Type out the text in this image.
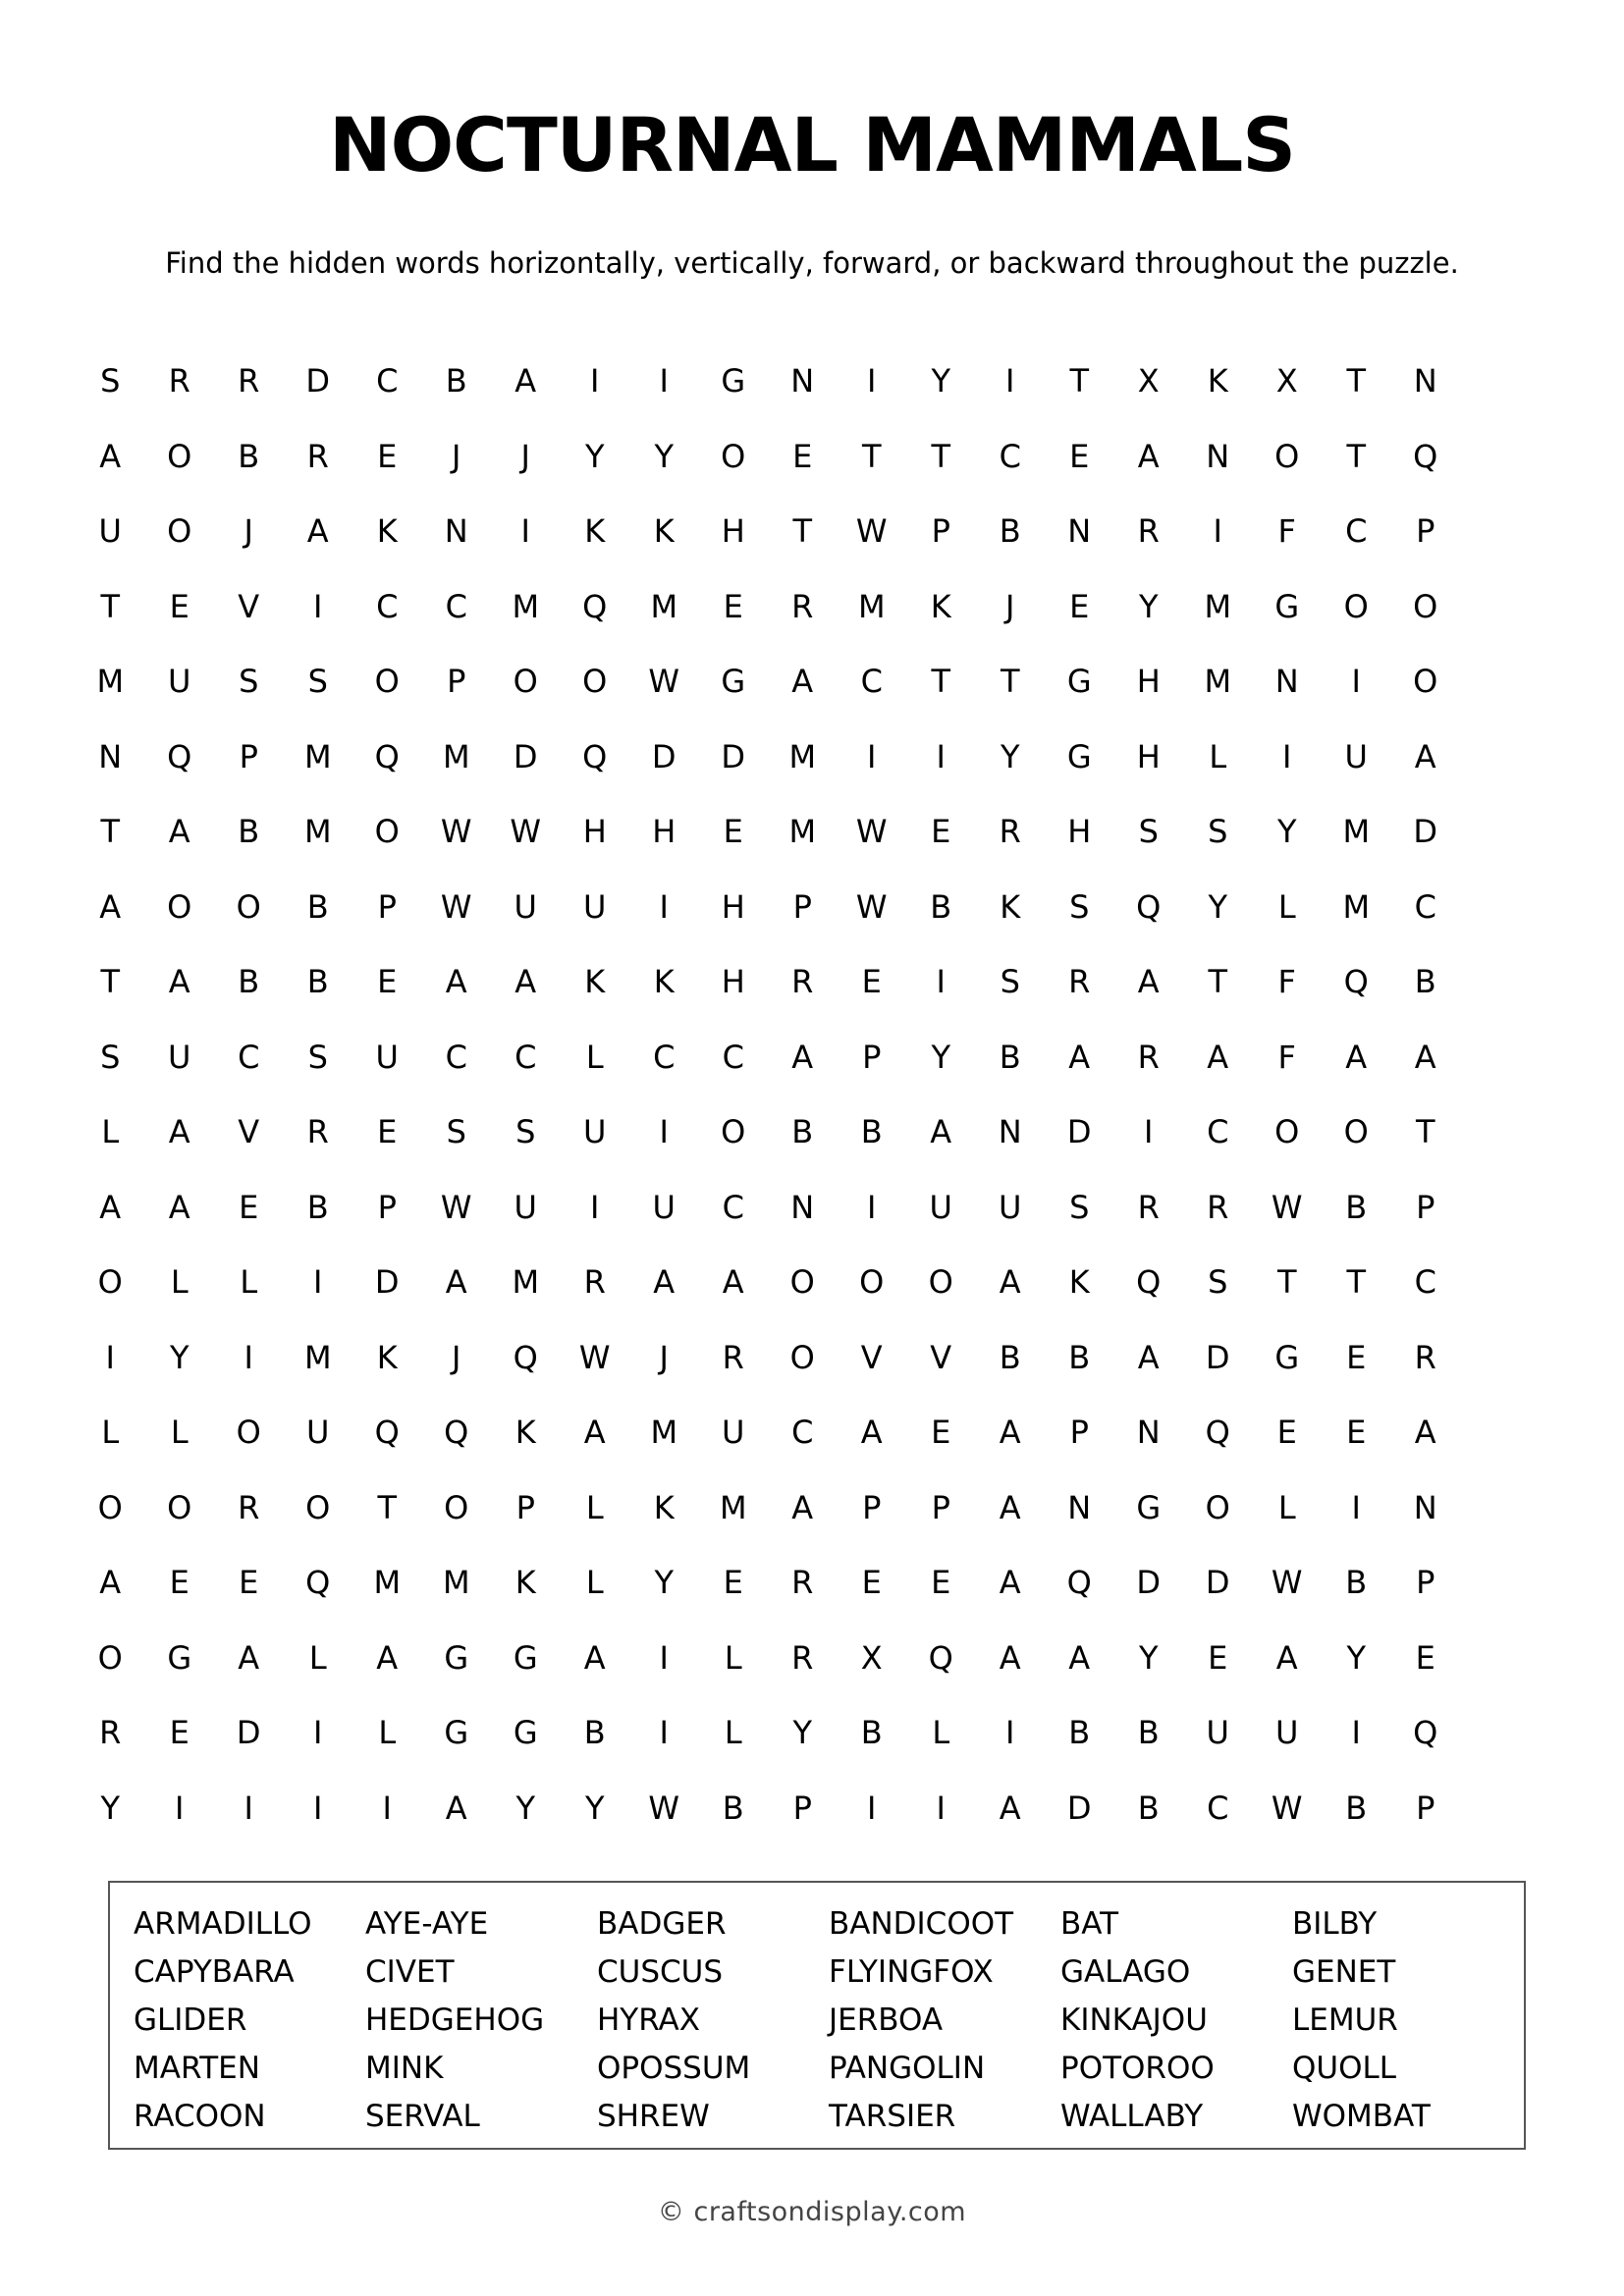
NOCTURNAL MAMMALS
Find the hidden words horizontally, vertically, forward, or backward throughout the puzzle.
S	R	R	D	C	B	A	I	I	G	N	I	Y	I	T	X	K	X	T	N
A	O	B	R	E	J	J	Y	Y	O	E	T	T	C	E	A	N	O	T	Q
U	O	J	A	K	N	I	K	K	H	T	W	P	B	N	R	I	F	C	P
T	E	V	I	C	C	M	Q	M	E	R	M	K	J	E	Y	M	G	O	O
M	U	S	S	O	P	O	O	W	G	A	C	T	T	G	H	M	N	I	O
N	Q	P	M	Q	M	D	Q	D	D	M	I	I	Y	G	H	L	I	U	A
T	A	B	M	O	W	W	H	H	E	M	W	E	R	H	S	S	Y	M	D
A	O	O	B	P	W	U	U	I	H	P	W	B	K	S	Q	Y	L	M	C
T	A	B	B	E	A	A	K	K	H	R	E	I	S	R	A	T	F	Q	B
S	U	C	S	U	C	C	L	C	C	A	P	Y	B	A	R	A	F	A	A
L	A	V	R	E	S	S	U	I	O	B	B	A	N	D	I	C	O	O	T
A	A	E	B	P	W	U	I	U	C	N	I	U	U	S	R	R	W	B	P
O	L	L	I	D	A	M	R	A	A	O	O	O	A	K	Q	S	T	T	C
I	Y	I	M	K	J	Q	W	J	R	O	V	V	B	B	A	D	G	E	R
L	L	O	U	Q	Q	K	A	M	U	C	A	E	A	P	N	Q	E	E	A
O	O	R	O	T	O	P	L	K	M	A	P	P	A	N	G	O	L	I	N
A	E	E	Q	M	M	K	L	Y	E	R	E	E	A	Q	D	D	W	B	P
O	G	A	L	A	G	G	A	I	L	R	X	Q	A	A	Y	E	A	Y	E
R	E	D	I	L	G	G	B	I	L	Y	B	L	I	B	B	U	U	I	Q
Y	I	I	I	I	A	Y	Y	W	B	P	I	I	A	D	B	C	W	B	P
ARMADILLO	AYE-AYE	BADGER	BANDICOOT	BAT	BILBY
CAPYBARA	CIVET	CUSCUS	FLYINGFOX	GALAGO	GENET
GLIDER	HEDGEHOG	HYRAX	JERBOA	KINKAJOU	LEMUR
MARTEN	MINK	OPOSSUM	PANGOLIN	POTOROO	QUOLL
RACOON	SERVAL	SHREW	TARSIER	WALLABY	WOMBAT
© craftsondisplay.com
